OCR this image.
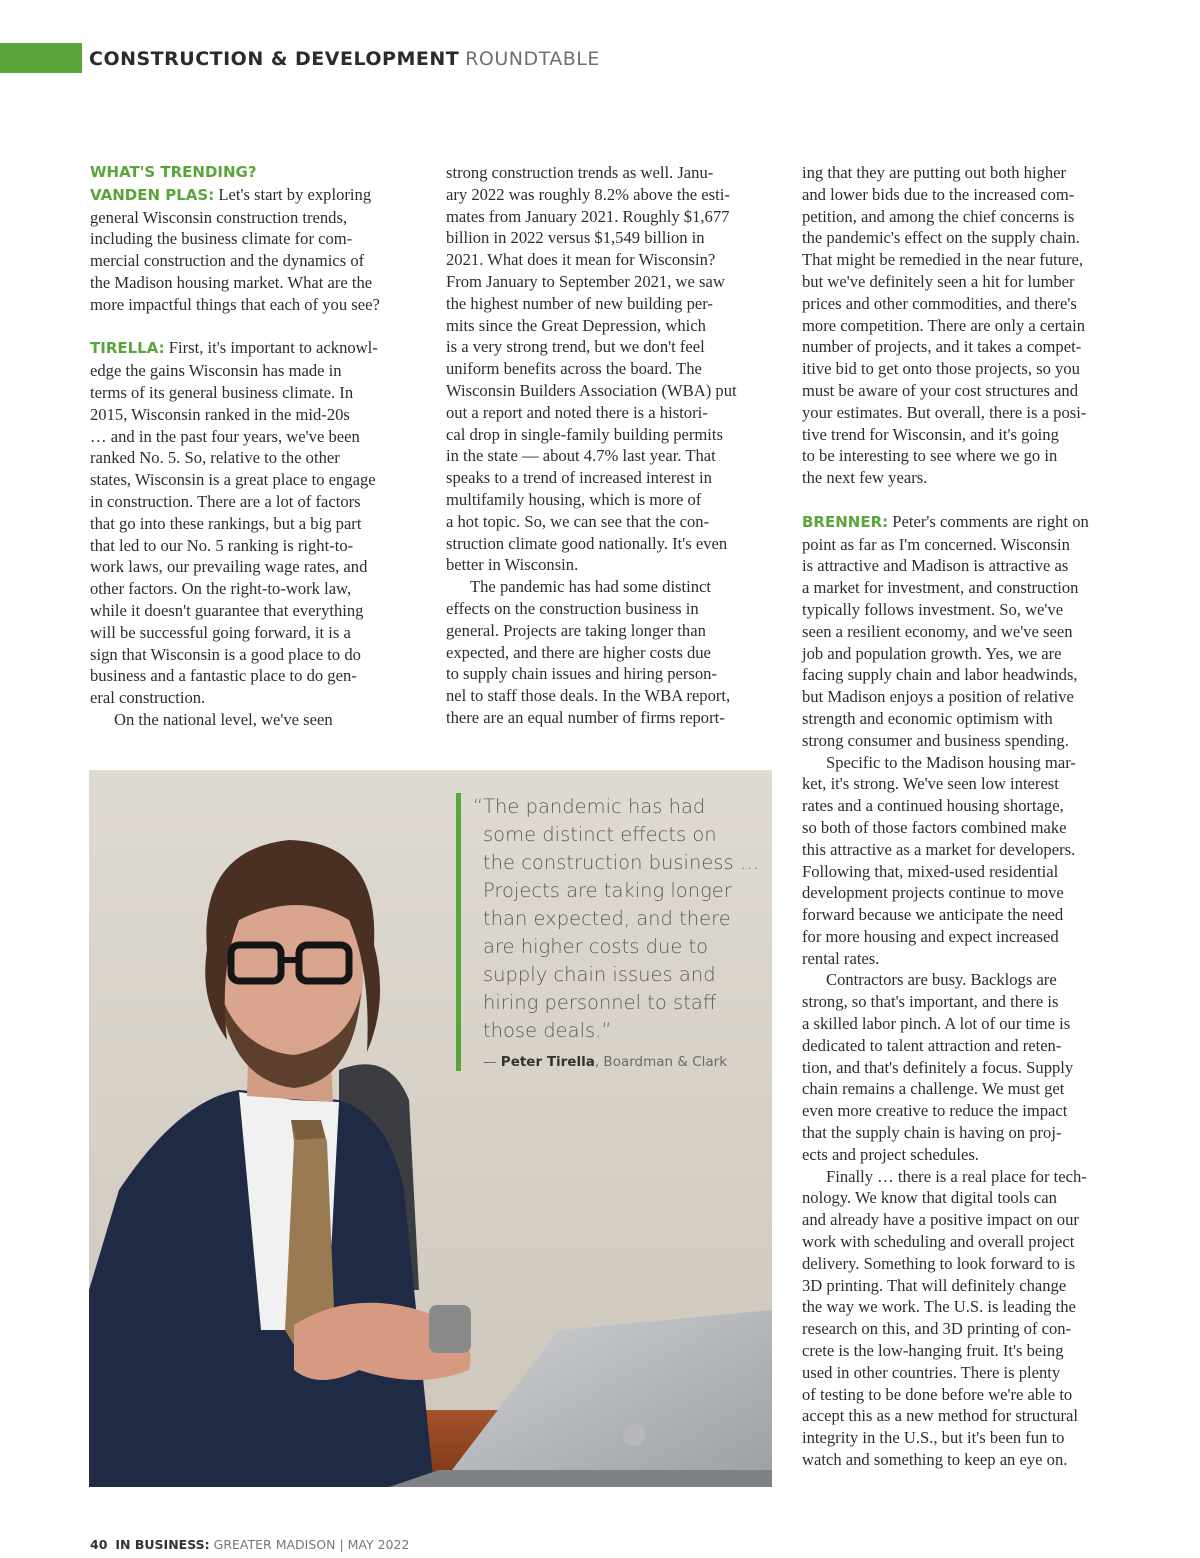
CONSTRUCTION & DEVELOPMENT ROUNDTABLE
WHAT'S TRENDING?

VANDEN PLAS: Let's start by exploring
general Wisconsin construction trends,
including the business climate for com-
mercial construction and the dynamics of
the Madison housing market. What are the
more impactful things that each of you see?

TIRELLA: First, it's important to acknowl-
edge the gains Wisconsin has made in
terms of its general business climate. In
2015, Wisconsin ranked in the mid-20s
… and in the past four years, we've been
ranked No. 5. So, relative to the other
states, Wisconsin is a great place to engage
in construction. There are a lot of factors
that go into these rankings, but a big part
that led to our No. 5 ranking is right-to-
work laws, our prevailing wage rates, and
other factors. On the right-to-work law,
while it doesn't guarantee that everything
will be successful going forward, it is a
sign that Wisconsin is a good place to do
business and a fantastic place to do gen-
eral construction.

On the national level, we've seen

strong construction trends as well. Janu-
ary 2022 was roughly 8.2% above the esti-
mates from January 2021. Roughly $1,677
billion in 2022 versus $1,549 billion in
2021. What does it mean for Wisconsin?
From January to September 2021, we saw
the highest number of new building per-
mits since the Great Depression, which
is a very strong trend, but we don't feel
uniform benefits across the board. The
Wisconsin Builders Association (WBA) put
out a report and noted there is a histori-
cal drop in single-family building permits
in the state — about 4.7% last year. That
speaks to a trend of increased interest in
multifamily housing, which is more of
a hot topic. So, we can see that the con-
struction climate good nationally. It's even
better in Wisconsin.

The pandemic has had some distinct
effects on the construction business in
general. Projects are taking longer than
expected, and there are higher costs due
to supply chain issues and hiring person-
nel to staff those deals. In the WBA report,
there are an equal number of firms report-

ing that they are putting out both higher
and lower bids due to the increased com-
petition, and among the chief concerns is
the pandemic's effect on the supply chain.
That might be remedied in the near future,
but we've definitely seen a hit for lumber
prices and other commodities, and there's
more competition. There are only a certain
number of projects, and it takes a compet-
itive bid to get onto those projects, so you
must be aware of your cost structures and
your estimates. But overall, there is a posi-
tive trend for Wisconsin, and it's going
to be interesting to see where we go in
the next few years.

BRENNER: Peter's comments are right on
point as far as I'm concerned. Wisconsin
is attractive and Madison is attractive as
a market for investment, and construction
typically follows investment. So, we've
seen a resilient economy, and we've seen
job and population growth. Yes, we are
facing supply chain and labor headwinds,
but Madison enjoys a position of relative
strength and economic optimism with
strong consumer and business spending.

Specific to the Madison housing mar-
ket, it's strong. We've seen low interest
rates and a continued housing shortage,
so both of those factors combined make
this attractive as a market for developers.
Following that, mixed-used residential
development projects continue to move
forward because we anticipate the need
for more housing and expect increased
rental rates.

Contractors are busy. Backlogs are
strong, so that's important, and there is
a skilled labor pinch. A lot of our time is
dedicated to talent attraction and reten-
tion, and that's definitely a focus. Supply
chain remains a challenge. We must get
even more creative to reduce the impact
that the supply chain is having on proj-
ects and project schedules.

Finally … there is a real place for tech-
nology. We know that digital tools can
and already have a positive impact on our
work with scheduling and overall project
delivery. Something to look forward to is
3D printing. That will definitely change
the way we work. The U.S. is leading the
research on this, and 3D printing of con-
crete is the low-hanging fruit. It's being
used in other countries. There is plenty
of testing to be done before we're able to
accept this as a new method for structural
integrity in the U.S., but it's been fun to
watch and something to keep an eye on.

“The pandemic has had

some distinct effects on

the construction business …

Projects are taking longer

than expected, and there

are higher costs due to

supply chain issues and

hiring personnel to staff

those deals.”

— Peter Tirella, Boardman & Clark
40 IN BUSINESS: GREATER MADISON | MAY 2022
